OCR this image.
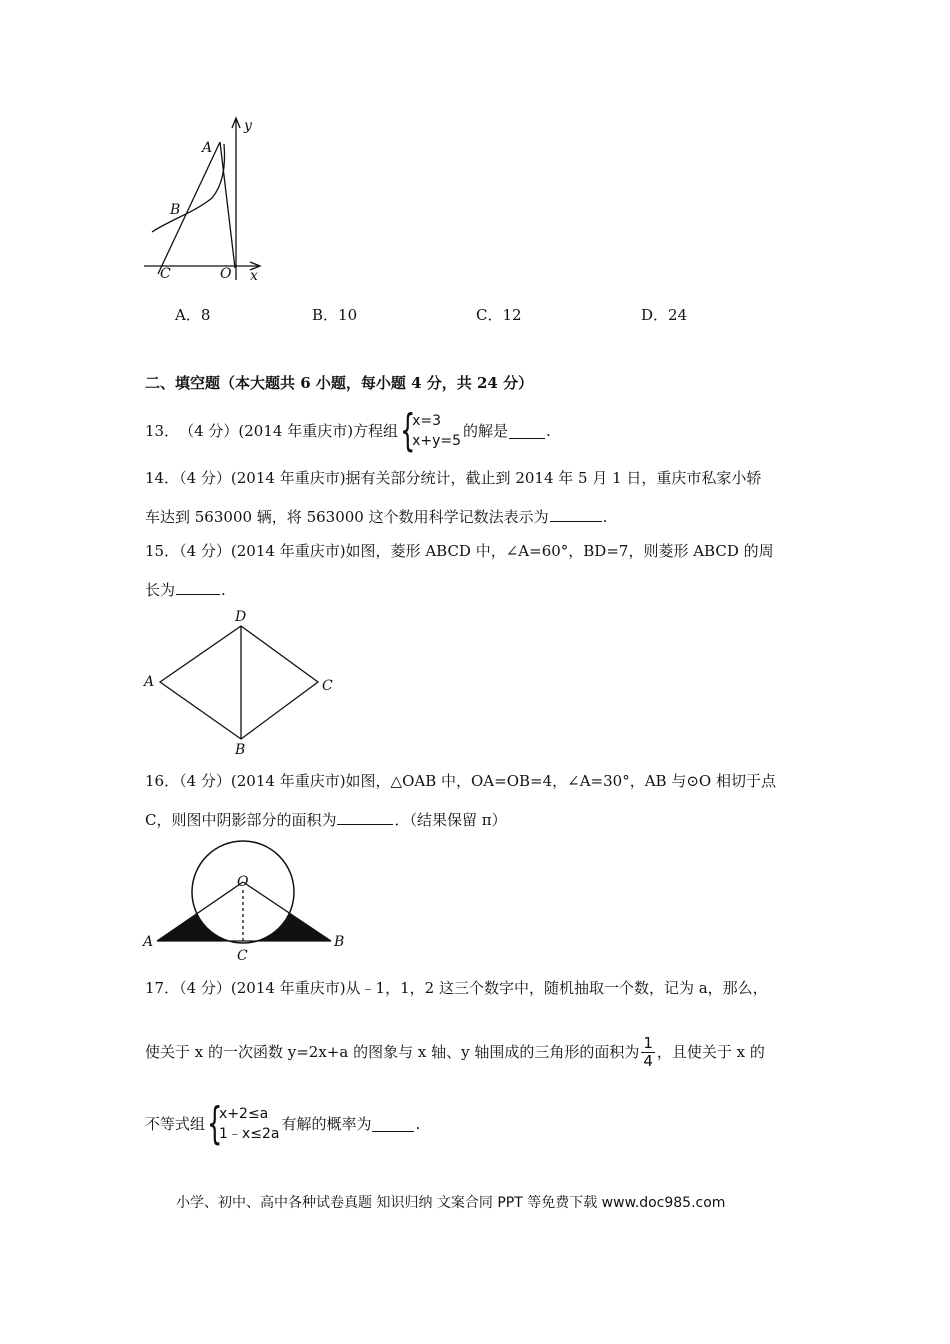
A
B
C	O x
y
A．8	B．10	C．12	D．24
二、填空题（本大题共 6 小题，每小题 4 分，共 24 分）
13． （4 分）(2014 年重庆市)方程组 {
x=3
x+y=5
的解是	.
14．（4 分）(2014 年重庆市)据有关部分统计，截止到 2014 年 5 月 1 日，重庆市私家小轿
车达到 563000 辆，将 563000 这个数用科学记数法表示为	.
15．（4 分）(2014 年重庆市)如图，菱形 ABCD 中，∠A=60°，BD=7，则菱形 ABCD 的周
长为	.
D
A	C
B
16．（4 分）(2014 年重庆市)如图，△OAB 中，OA=OB=4，∠A=30°，AB 与⊙O 相切于点
C，则图中阴影部分的面积为	．（结果保留 π）
O
A	B
C
17．（4 分）(2014 年重庆市)从﹣1，1，2 这三个数字中，随机抽取一个数，记为 a，那么，
使关于 x 的一次函数 y=2x+a 的图象与 x 轴、y 轴围成的三角形的面积为 $\frac{1}{4}$ ，且使关于 x 的
不等式组 {
x+2≤a
1﹣x≤2a
有解的概率为	.
小学、初中、高中各种试卷真题 知识归纳 文案合同 PPT 等免费下载 www.doc985.com
